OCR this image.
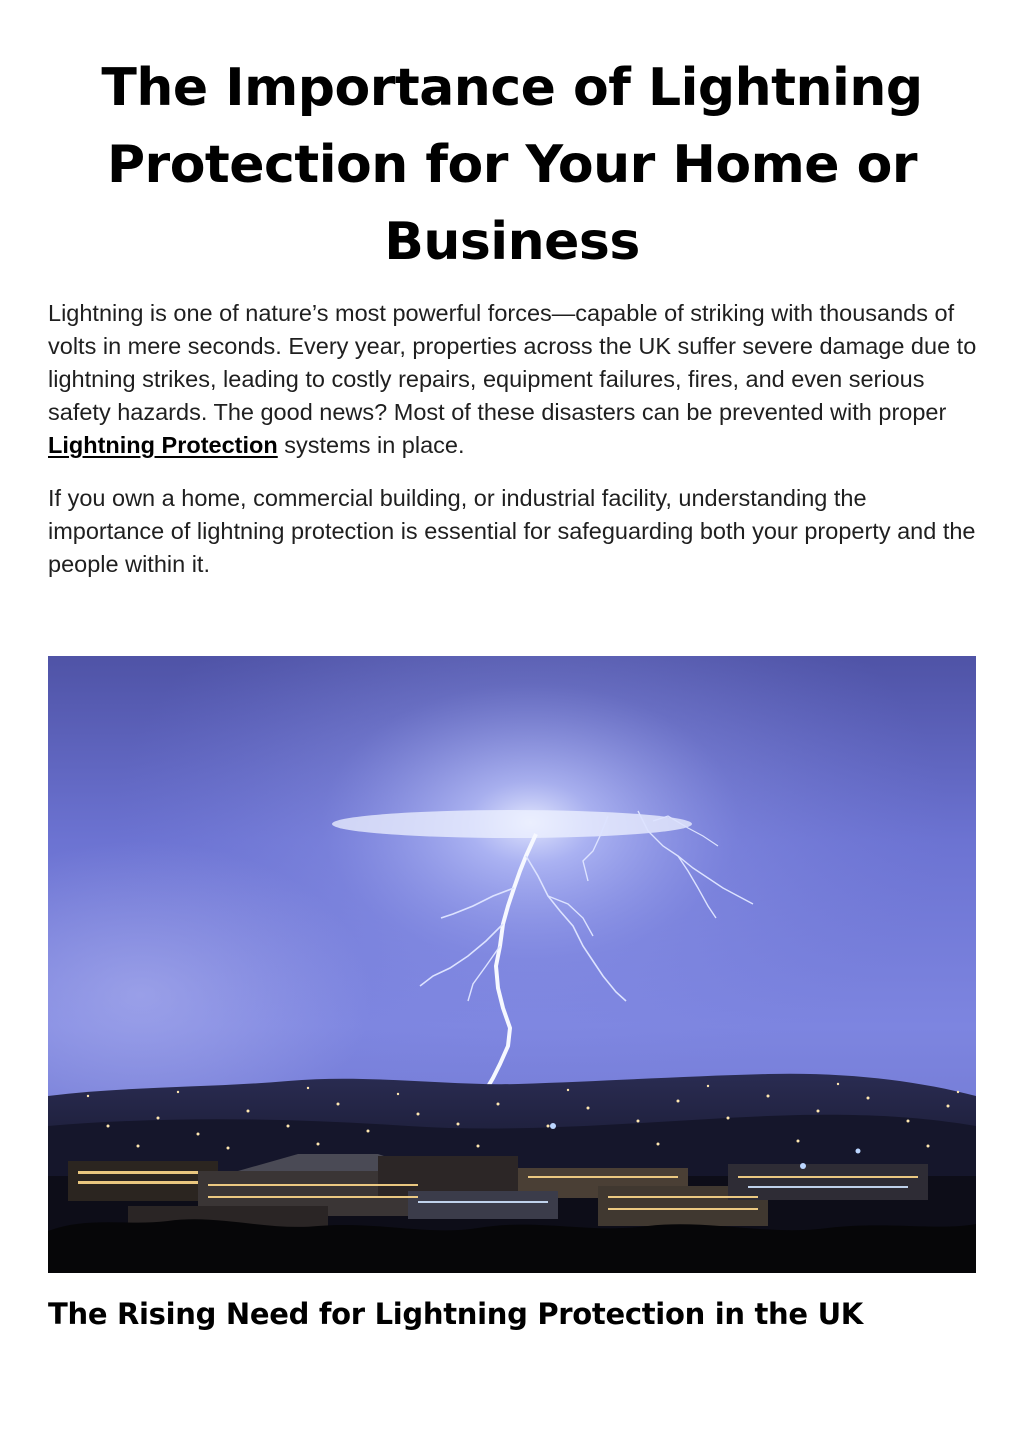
The Importance of Lightning Protection for Your Home or Business

Lightning is one of nature’s most powerful forces—capable of striking with thousands of volts in mere seconds. Every year, properties across the UK suffer severe damage due to lightning strikes, leading to costly repairs, equipment failures, fires, and even serious safety hazards. The good news? Most of these disasters can be prevented with proper Lightning Protection systems in place.

If you own a home, commercial building, or industrial facility, understanding the importance of lightning protection is essential for safeguarding both your property and the people within it.

The Rising Need for Lightning Protection in the UK
